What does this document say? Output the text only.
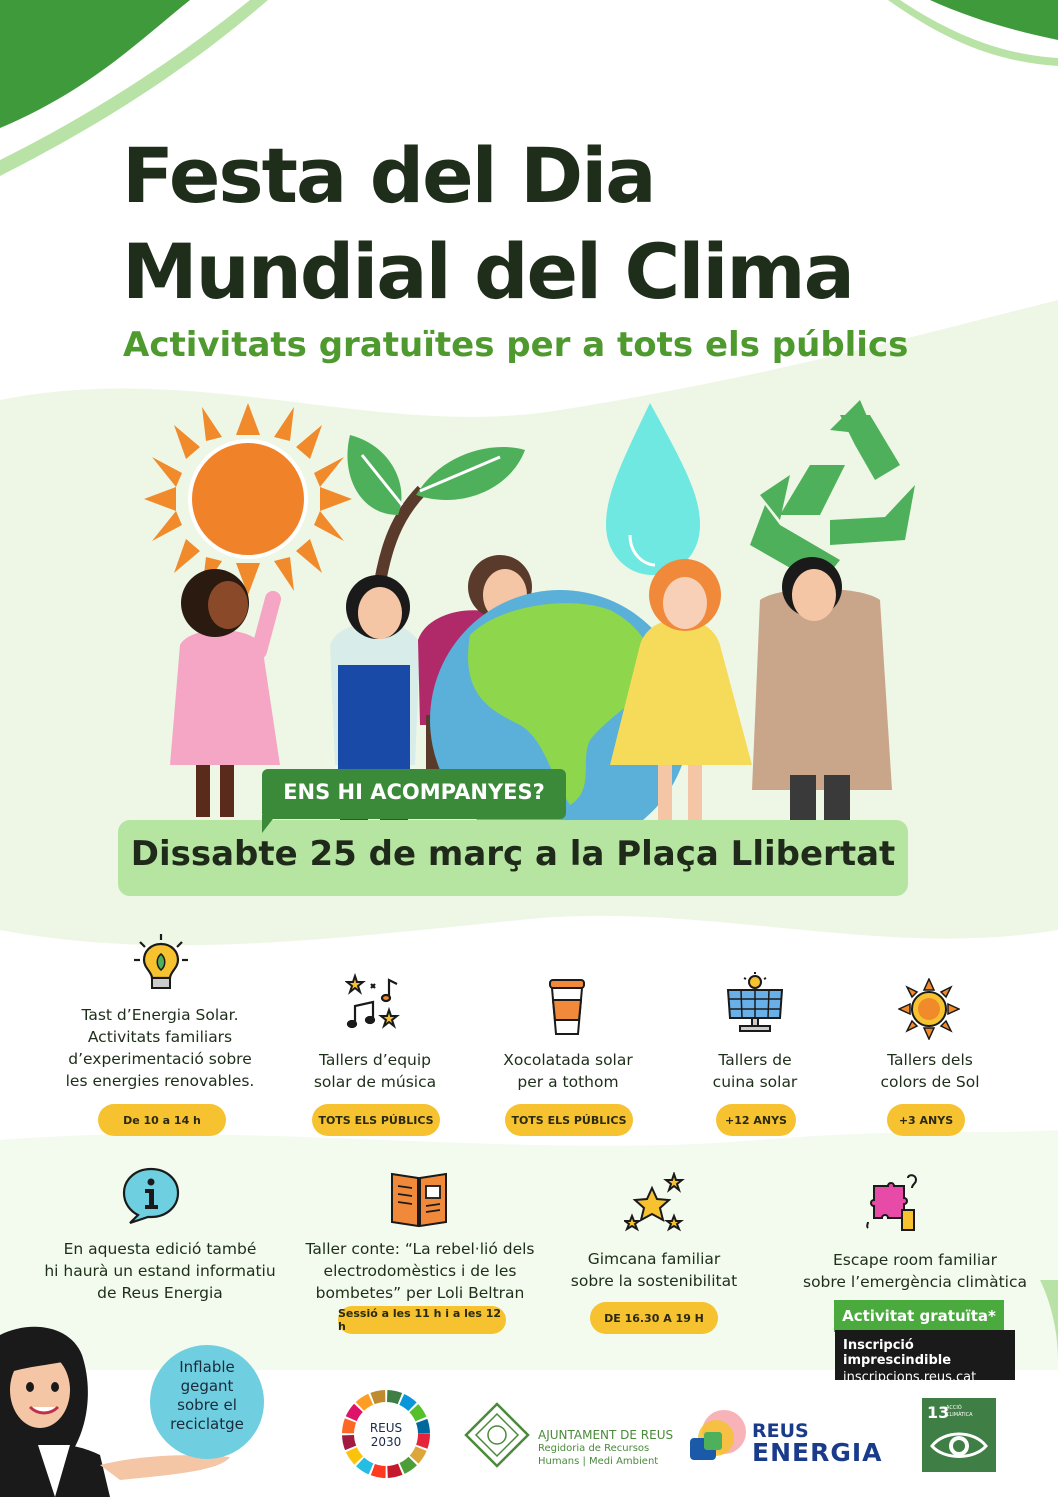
Festa del Dia
Mundial del Clima
Activitats gratuïtes per a tots els públics
Dissabte 25 de març a la Plaça Llibertat
ENS HI ACOMPANYES?
Tast d’Energia Solar.
Activitats familiars
d’experimentació sobre
les energies renovables.
De 10 a 14 h
Tallers d’equip
solar de música
TOTS ELS PÚBLICS
Xocolatada solar
per a tothom
TOTS ELS PÚBLICS
Tallers de
cuina solar
+12 ANYS
Tallers dels
colors de Sol
+3 ANYS
En aquesta edició també
hi haurà un estand informatiu
de Reus Energia
Taller conte: “La rebel·lió dels
electrodomèstics i de les
bombetes” per Loli Beltran
Sessió a les 11 h i a les 12 h
Gimcana familiar
sobre la sostenibilitat
DE 16.30 A 19 H
Escape room familiar
sobre l’emergència climàtica
Activitat gratuïta*
Inscripció imprescindible
inscripcions.reus.cat
Inflable
gegant
sobre el
reciclatge	REUS
2030	AJUNTAMENT DE REUS
Regidoria de Recursos
Humans | Medi Ambient
REUS
ENERGIA
13
ACCIÓ
CLIMÀTICA
